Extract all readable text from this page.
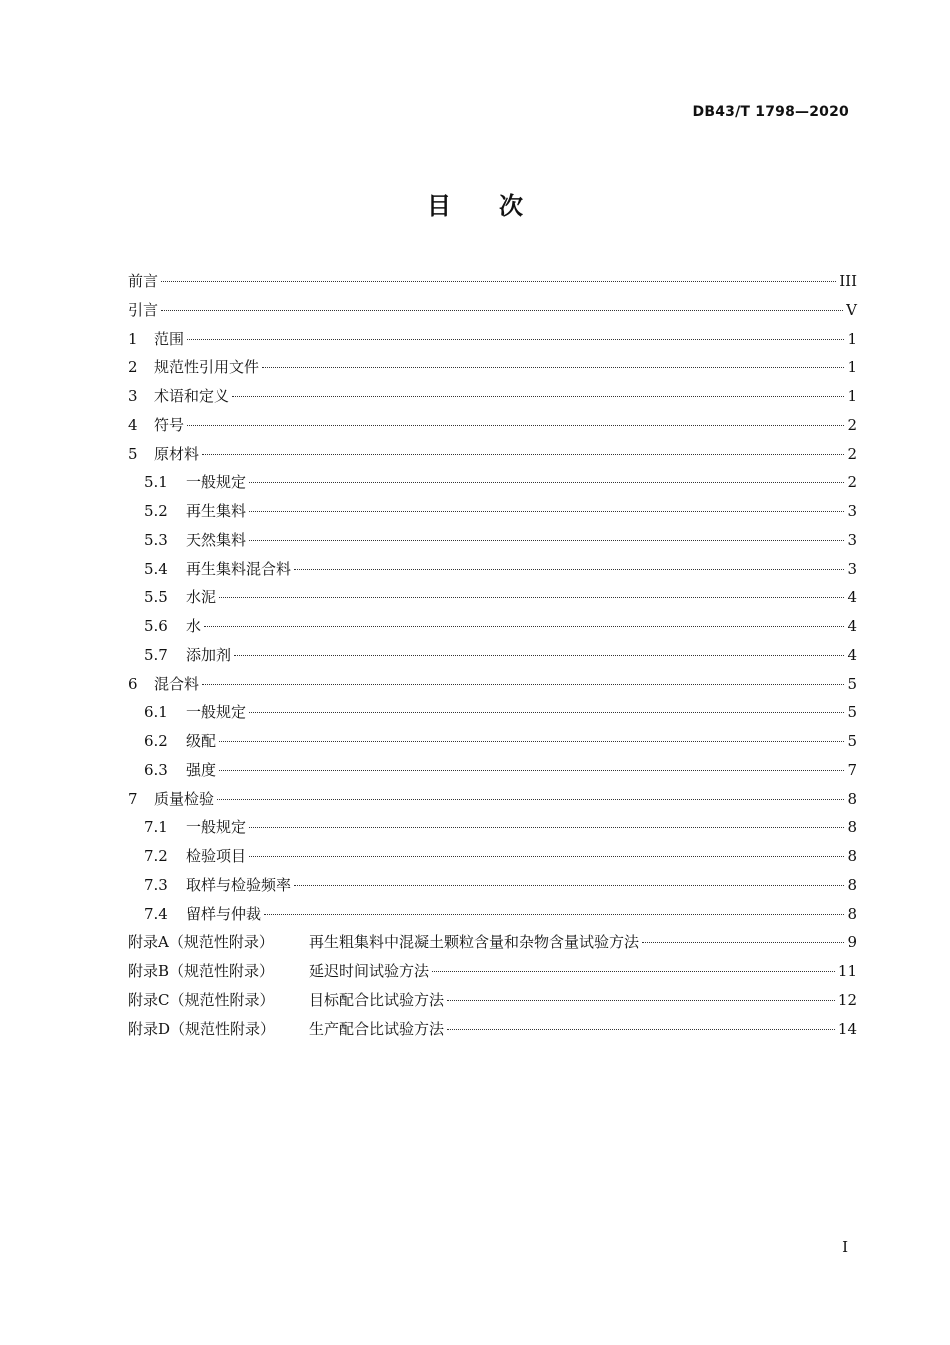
DB43/T 1798—2020
目次
前言	III
引言	V
1	范围	1
2	规范性引用文件	1
3	术语和定义	1
4	符号	2
5	原材料	2
5.1	一般规定	2
5.2	再生集料	3
5.3	天然集料	3
5.4	再生集料混合料	3
5.5	水泥	4
5.6	水	4
5.7	添加剂	4
6	混合料	5
6.1	一般规定	5
6.2	级配	5
6.3	强度	7
7	质量检验	8
7.1	一般规定	8
7.2	检验项目	8
7.3	取样与检验频率	8
7.4	留样与仲裁	8
附录A（规范性附录）	再生粗集料中混凝土颗粒含量和杂物含量试验方法	9
附录B（规范性附录）	延迟时间试验方法	11
附录C（规范性附录）	目标配合比试验方法	12
附录D（规范性附录）	生产配合比试验方法	14
I
